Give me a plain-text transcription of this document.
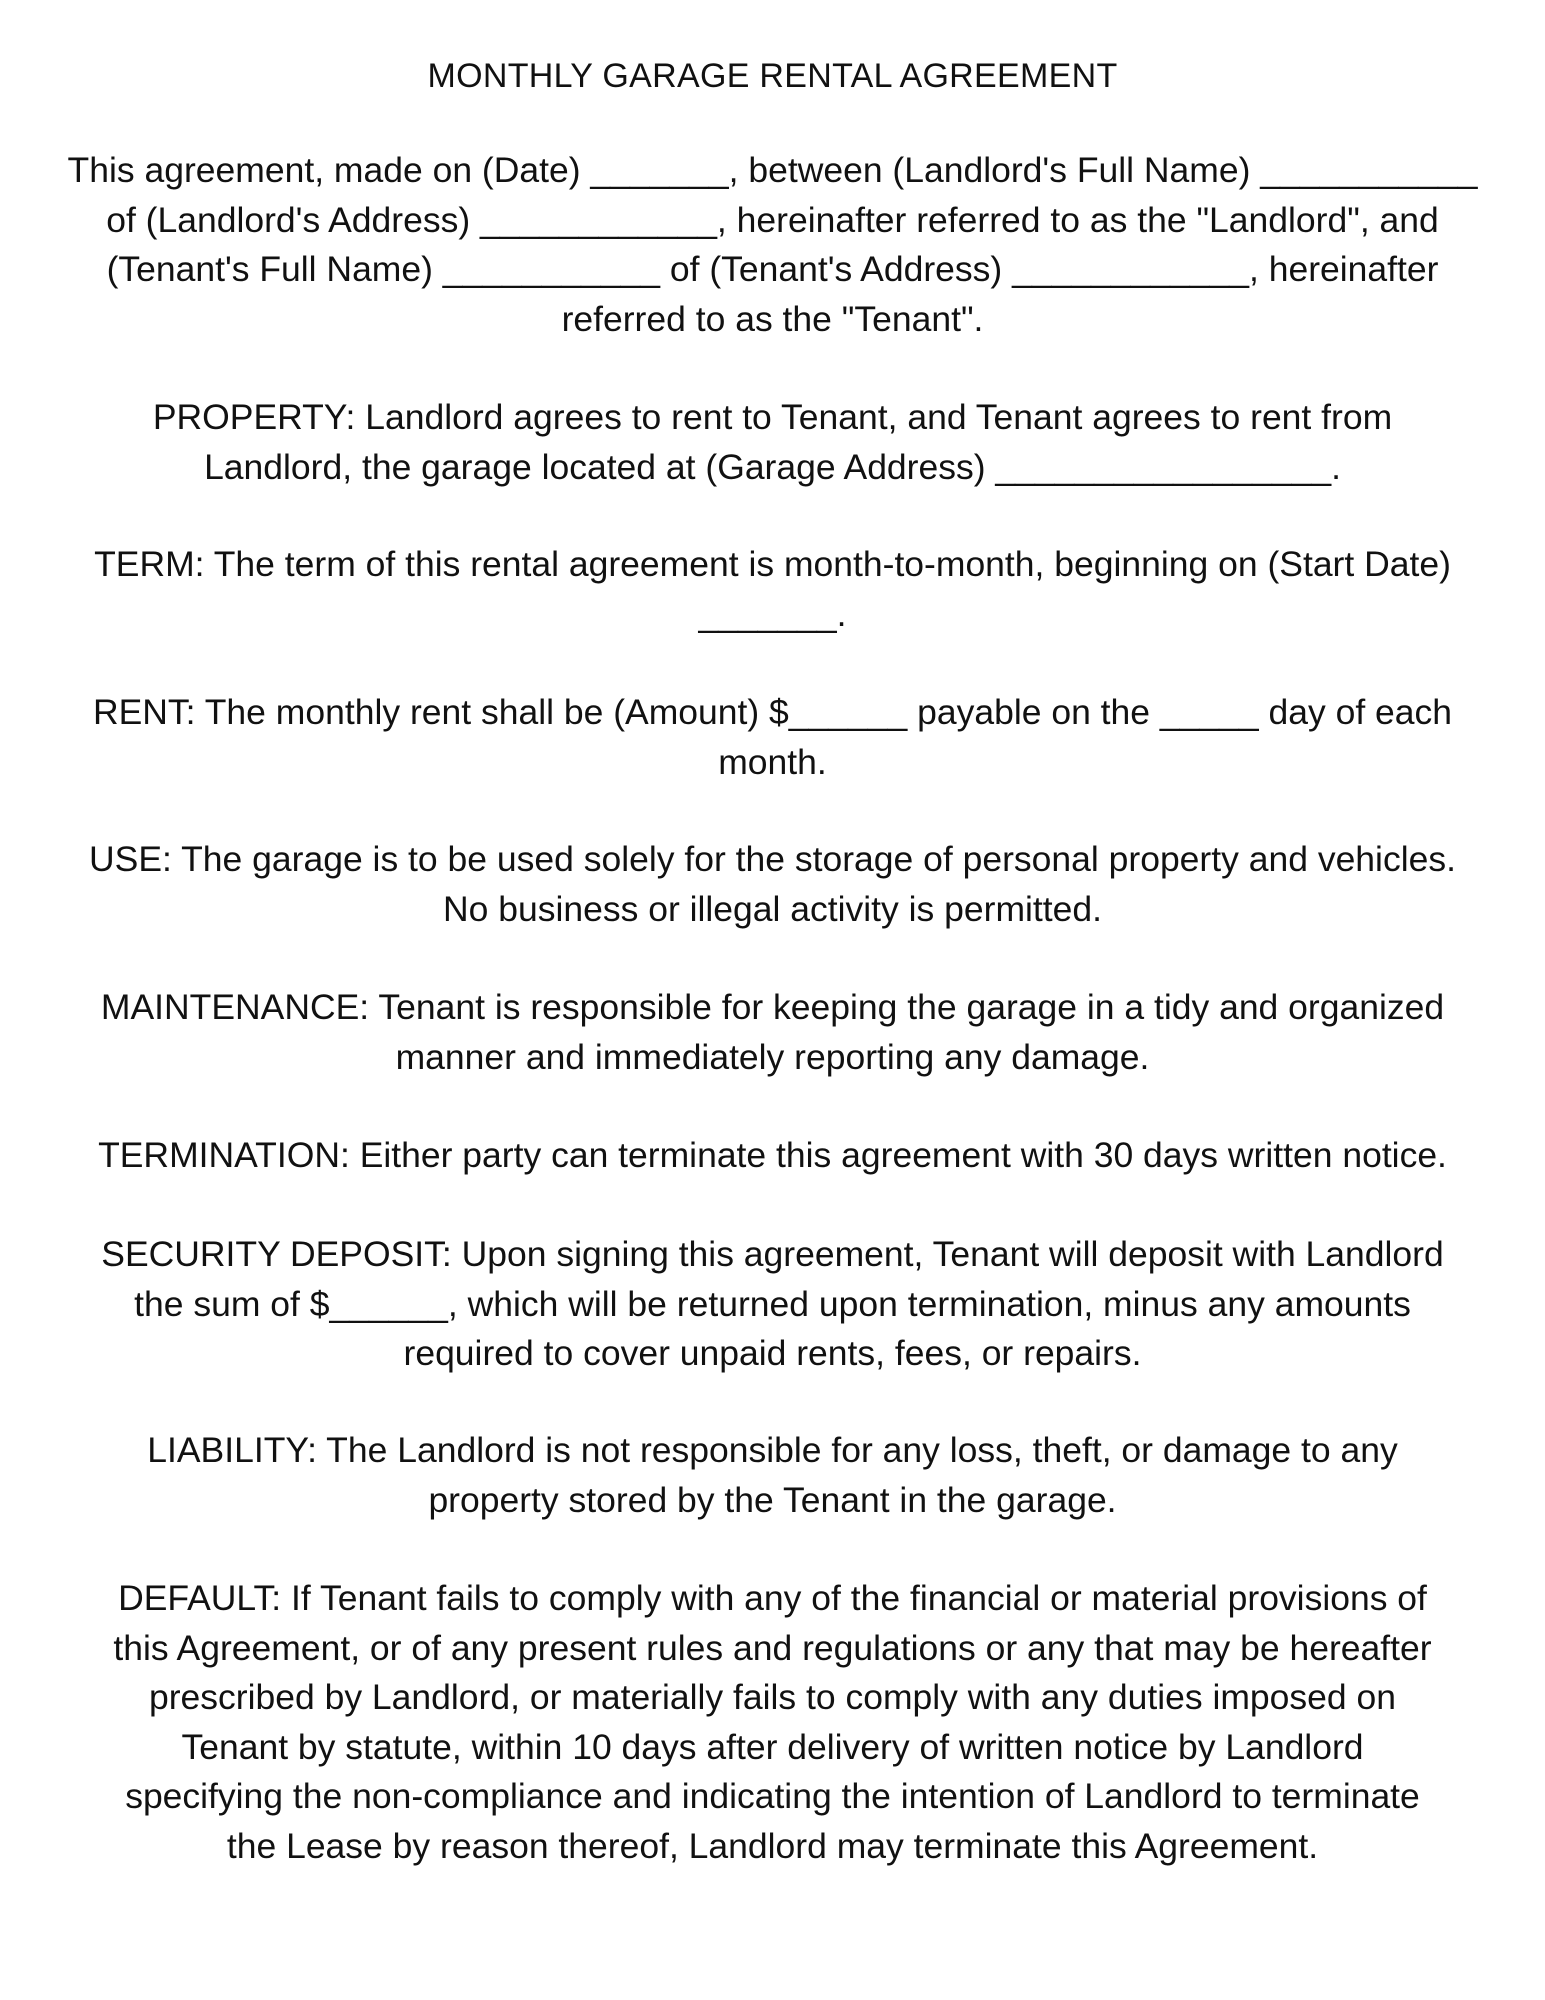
MONTHLY GARAGE RENTAL AGREEMENT

This agreement, made on (Date) _______, between (Landlord's Full Name) ___________
of (Landlord's Address) ____________, hereinafter referred to as the "Landlord", and
(Tenant's Full Name) ___________ of (Tenant's Address) ____________, hereinafter
referred to as the "Tenant".

PROPERTY: Landlord agrees to rent to Tenant, and Tenant agrees to rent from
Landlord, the garage located at (Garage Address) _________________.

TERM: The term of this rental agreement is month-to-month, beginning on (Start Date)
_______.

RENT: The monthly rent shall be (Amount) $______ payable on the _____ day of each
month.

USE: The garage is to be used solely for the storage of personal property and vehicles.
No business or illegal activity is permitted.

MAINTENANCE: Tenant is responsible for keeping the garage in a tidy and organized
manner and immediately reporting any damage.

TERMINATION: Either party can terminate this agreement with 30 days written notice.

SECURITY DEPOSIT: Upon signing this agreement, Tenant will deposit with Landlord
the sum of $______, which will be returned upon termination, minus any amounts
required to cover unpaid rents, fees, or repairs.

LIABILITY: The Landlord is not responsible for any loss, theft, or damage to any
property stored by the Tenant in the garage.

DEFAULT: If Tenant fails to comply with any of the financial or material provisions of
this Agreement, or of any present rules and regulations or any that may be hereafter
prescribed by Landlord, or materially fails to comply with any duties imposed on
Tenant by statute, within 10 days after delivery of written notice by Landlord
specifying the non-compliance and indicating the intention of Landlord to terminate
the Lease by reason thereof, Landlord may terminate this Agreement.
